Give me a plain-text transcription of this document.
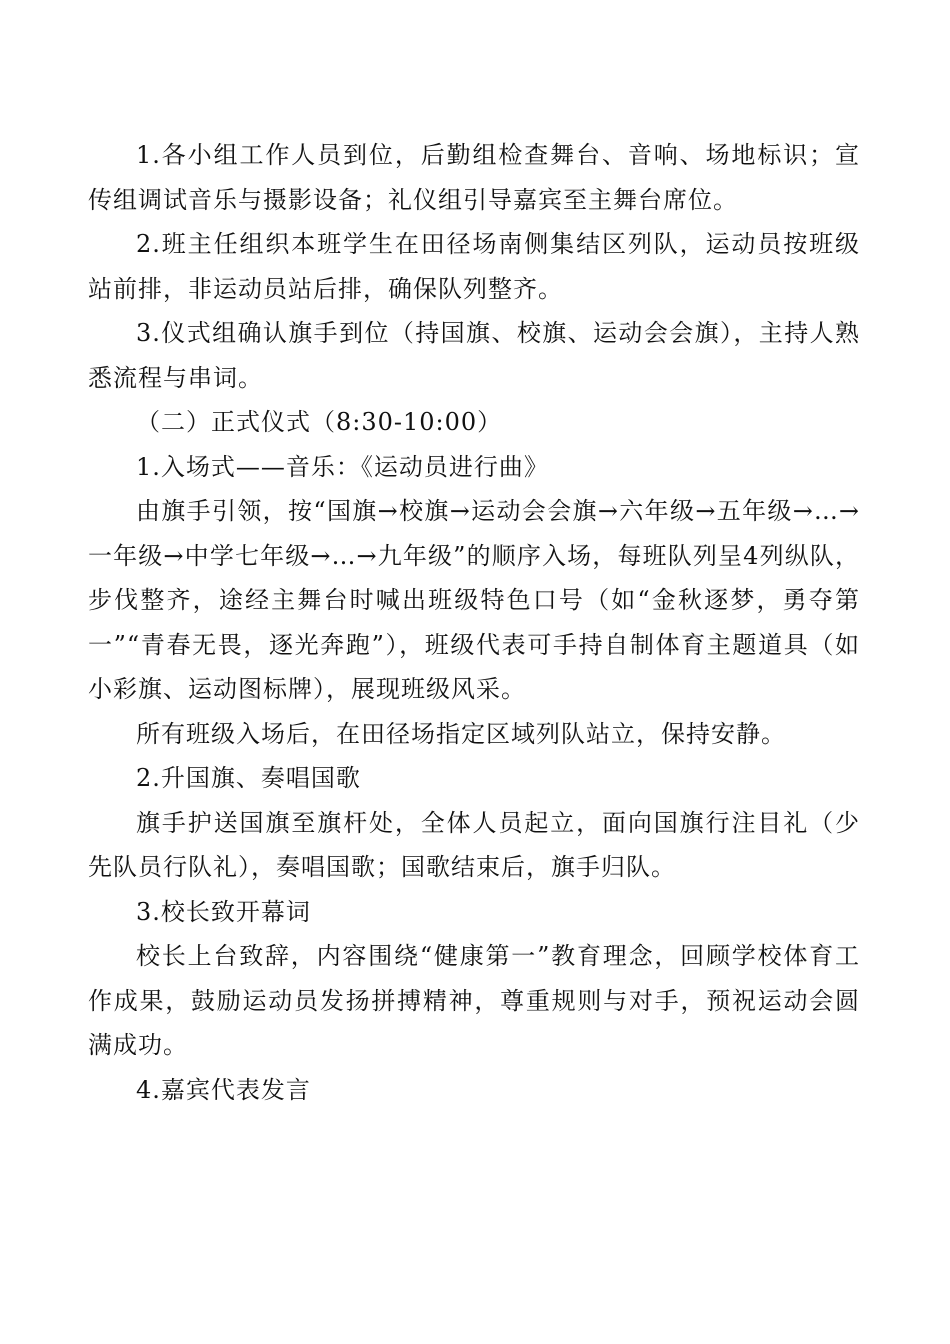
1.各小组工作人员到位，后勤组检查舞台、音响、场地标识；宣传组调试音乐与摄影设备；礼仪组引导嘉宾至主舞台席位。

2.班主任组织本班学生在田径场南侧集结区列队，运动员按班级站前排，非运动员站后排，确保队列整齐。

3.仪式组确认旗手到位（持国旗、校旗、运动会会旗），主持人熟悉流程与串词。

（二）正式仪式（8:30-10:00）

1.入场式——音乐：《运动员进行曲》

由旗手引领，按“国旗→校旗→运动会会旗→六年级→五年级→…→一年级→中学七年级→…→九年级”的顺序入场，每班队列呈4列纵队，步伐整齐，途经主舞台时喊出班级特色口号（如“金秋逐梦，勇夺第一”“青春无畏，逐光奔跑”），班级代表可手持自制体育主题道具（如小彩旗、运动图标牌），展现班级风采。

所有班级入场后，在田径场指定区域列队站立，保持安静。

2.升国旗、奏唱国歌

旗手护送国旗至旗杆处，全体人员起立，面向国旗行注目礼（少先队员行队礼），奏唱国歌；国歌结束后，旗手归队。

3.校长致开幕词

校长上台致辞，内容围绕“健康第一”教育理念，回顾学校体育工作成果，鼓励运动员发扬拼搏精神，尊重规则与对手，预祝运动会圆满成功。

4.嘉宾代表发言
